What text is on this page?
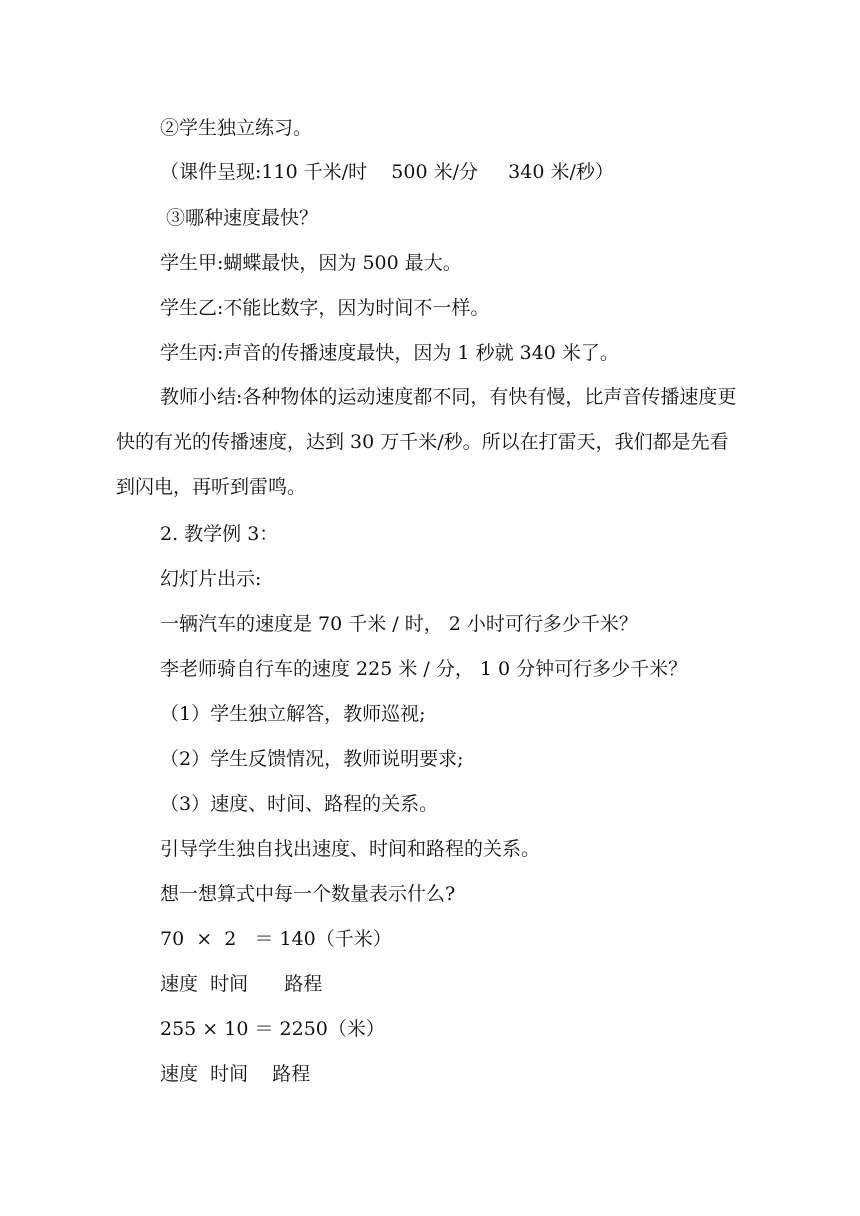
②学生独立练习。
（课件呈现:110 千米/时    500 米/分     340 米/秒）
③哪种速度最快？
学生甲:蝴蝶最快，因为 500 最大。
学生乙:不能比数字，因为时间不一样。
学生丙:声音的传播速度最快，因为 1 秒就 340 米了。
教师小结:各种物体的运动速度都不同，有快有慢，比声音传播速度更快的有光的传播速度，达到 30 万千米/秒。所以在打雷天，我们都是先看到闪电，再听到雷鸣。
2. 教学例 3：
幻灯片出示:
一辆汽车的速度是 70 千米 / 时， 2 小时可行多少千米？
李老师骑自行车的速度 225 米 / 分， 1 0 分钟可行多少千米？
（1）学生独立解答，教师巡视;
（2）学生反馈情况，教师说明要求;
（3）速度、时间、路程的关系。
引导学生独自找出速度、时间和路程的关系。
想一想算式中每一个数量表示什么?
70  ×  2   ＝ 140（千米）
速度  时间      路程
255 × 10 ＝ 2250（米）
速度  时间    路程
